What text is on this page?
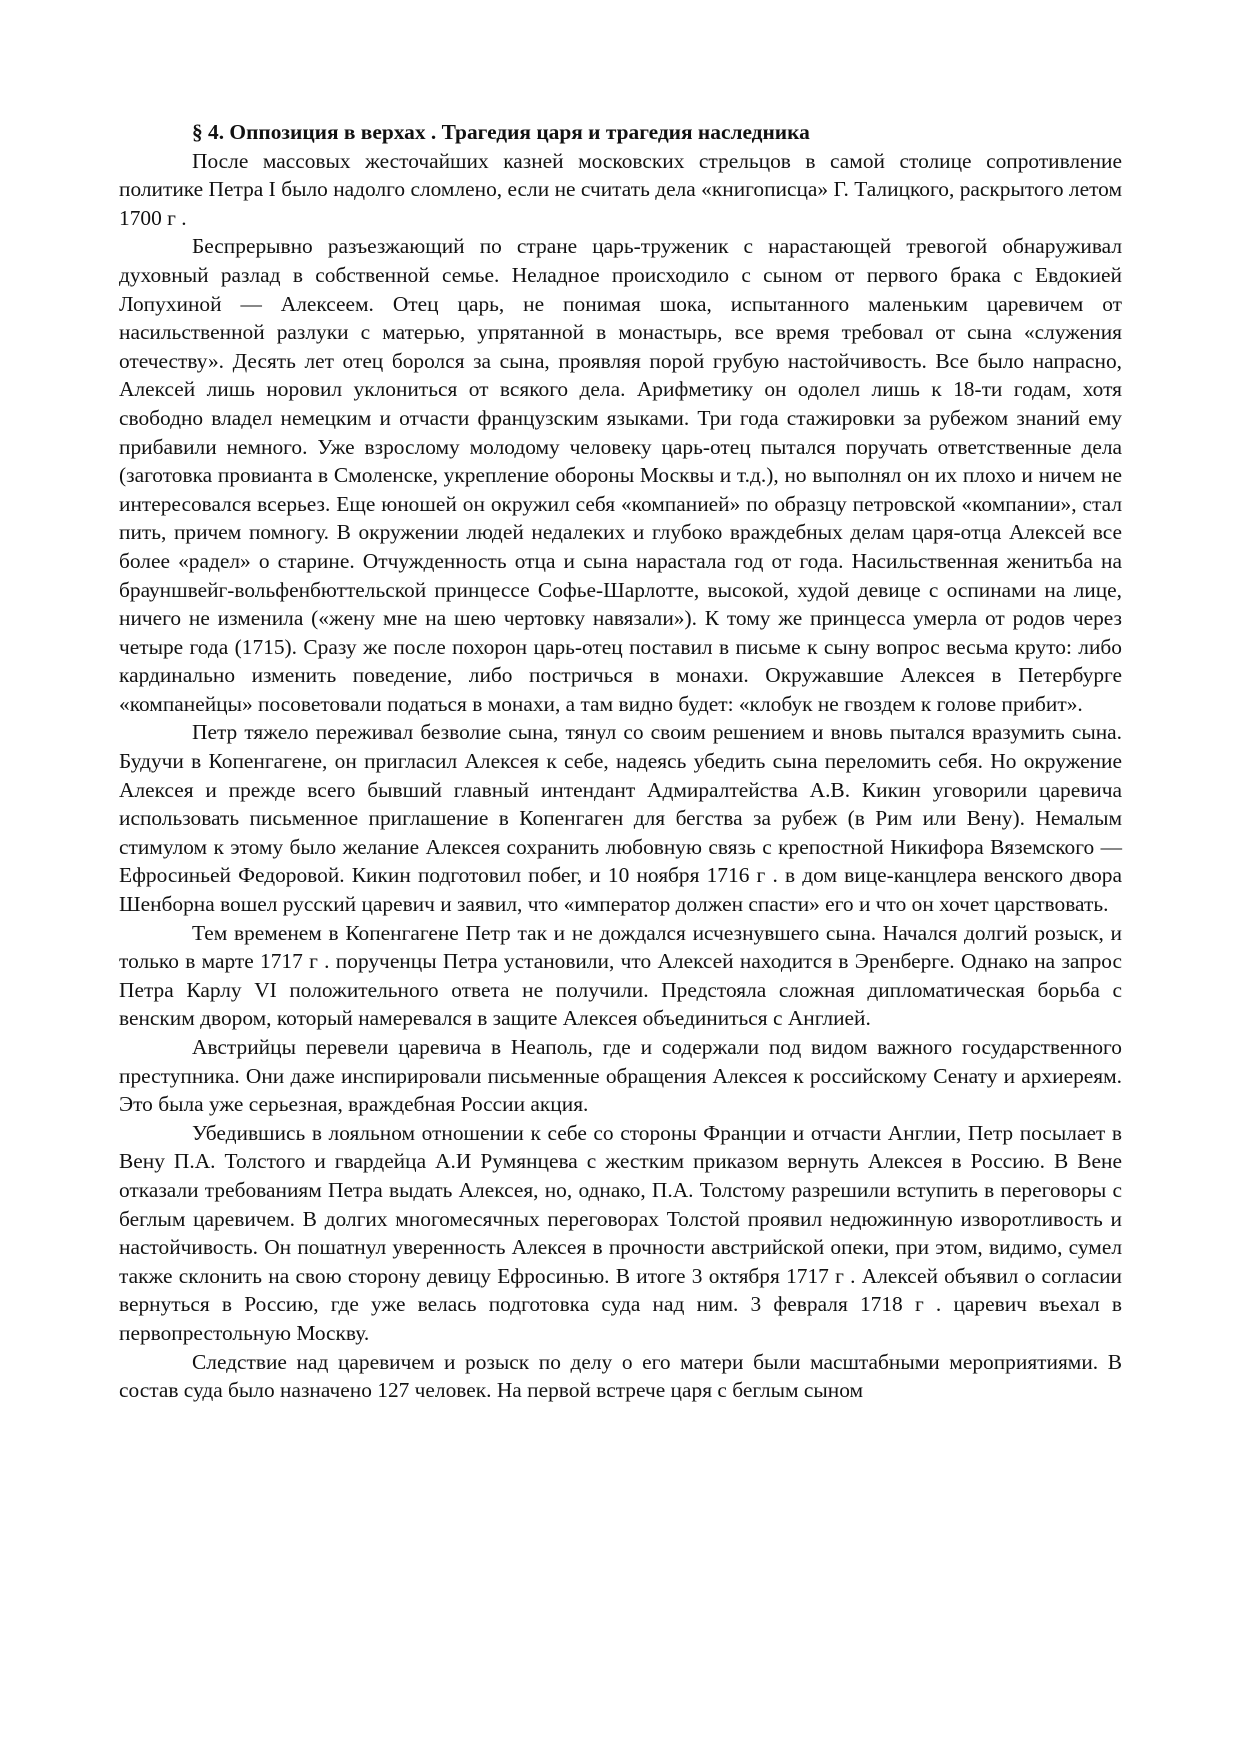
§ 4. Оппозиция в верхах . Трагедия царя и трагедия наследника

После массовых жесточайших казней московских стрельцов в самой столице сопротивление политике Петра I было надолго сломлено, если не считать дела «книгописца» Г. Талицкого, раскрытого летом 1700 г .

Беспрерывно разъезжающий по стране царь-труженик с нарастающей тревогой обнаруживал духовный разлад в собственной семье. Неладное происходило с сыном от первого брака с Евдокией Лопухиной — Алексеем. Отец царь, не понимая шока, испытанного маленьким царевичем от насильственной разлуки с матерью, упрятанной в монастырь, все время требовал от сына «служения отечеству». Десять лет отец боролся за сына, проявляя порой грубую настойчивость. Все было напрасно, Алексей лишь норовил уклониться от всякого дела. Арифметику он одолел лишь к 18-ти годам, хотя свободно владел немецким и отчасти французским языками. Три года стажировки за рубежом знаний ему прибавили немного. Уже взрослому молодому человеку царь-отец пытался поручать ответственные дела (заготовка провианта в Смоленске, укрепление обороны Москвы и т.д.), но выполнял он их плохо и ничем не интересовался всерьез. Еще юношей он окружил себя «компанией» по образцу петровской «компании», стал пить, причем помногу. В окружении людей недалеких и глубоко враждебных делам царя-отца Алексей все более «радел» о старине. Отчужденность отца и сына нарастала год от года. Насильственная женитьба на брауншвейг-вольфенбюттельской принцессе Софье-Шарлотте, высокой, худой девице с оспинами на лице, ничего не изменила («жену мне на шею чертовку навязали»). К тому же принцесса умерла от родов через четыре года (1715). Сразу же после похорон царь-отец поставил в письме к сыну вопрос весьма круто: либо кардинально изменить поведение, либо постричься в монахи. Окружавшие Алексея в Петербурге «компанейцы» посоветовали податься в монахи, а там видно будет: «клобук не гвоздем к голове прибит».

Петр тяжело переживал безволие сына, тянул со своим решением и вновь пытался вразумить сына. Будучи в Копенгагене, он пригласил Алексея к себе, надеясь убедить сына переломить себя. Но окружение Алексея и прежде всего бывший главный интендант Адмиралтейства А.В. Кикин уговорили царевича использовать письменное приглашение в Копенгаген для бегства за рубеж (в Рим или Вену). Немалым стимулом к этому было желание Алексея сохранить любовную связь с крепостной Никифора Вяземского — Ефросиньей Федоровой. Кикин подготовил побег, и 10 ноября 1716 г . в дом вице-канцлера венского двора Шенборна вошел русский царевич и заявил, что «император должен спасти» его и что он хочет царствовать.

Тем временем в Копенгагене Петр так и не дождался исчезнувшего сына. Начался долгий розыск, и только в марте 1717 г . порученцы Петра установили, что Алексей находится в Эренберге. Однако на запрос Петра Карлу VI положительного ответа не получили. Предстояла сложная дипломатическая борьба с венским двором, который намеревался в защите Алексея объединиться с Англией.

Австрийцы перевели царевича в Неаполь, где и содержали под видом важного государственного преступника. Они даже инспирировали письменные обращения Алексея к российскому Сенату и архиереям. Это была уже серьезная, враждебная России акция.

Убедившись в лояльном отношении к себе со стороны Франции и отчасти Англии, Петр посылает в Вену П.А. Толстого и гвардейца А.И Румянцева с жестким приказом вернуть Алексея в Россию. В Вене отказали требованиям Петра выдать Алексея, но, однако, П.А. Толстому разрешили вступить в переговоры с беглым царевичем. В долгих многомесячных переговорах Толстой проявил недюжинную изворотливость и настойчивость. Он пошатнул уверенность Алексея в прочности австрийской опеки, при этом, видимо, сумел также склонить на свою сторону девицу Ефросинью. В итоге 3 октября 1717 г . Алексей объявил о согласии вернуться в Россию, где уже велась подготовка суда над ним. 3 февраля 1718 г . царевич въехал в первопрестольную Москву.

Следствие над царевичем и розыск по делу о его матери были масштабными мероприятиями. В состав суда было назначено 127 человек. На первой встрече царя с беглым сыном
